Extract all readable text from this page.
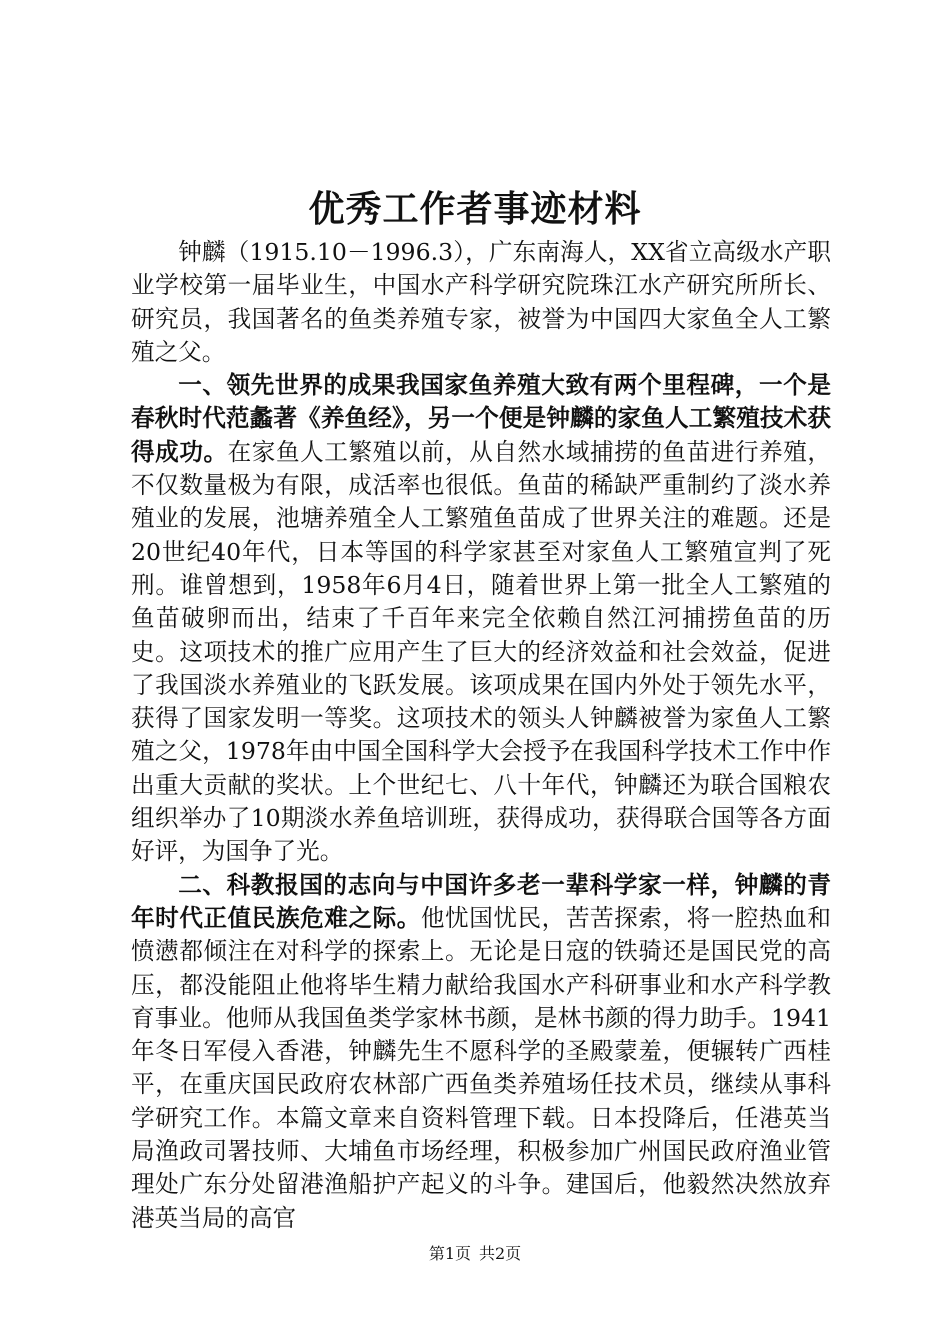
优秀工作者事迹材料

钟麟（1915.10－1996.3），广东南海人，XX省立高级水产职业学校第一届毕业生，中国水产科学研究院珠江水产研究所所长、研究员，我国著名的鱼类养殖专家，被誉为中国四大家鱼全人工繁殖之父。

一、领先世界的成果我国家鱼养殖大致有两个里程碑，一个是春秋时代范蠡著《养鱼经》，另一个便是钟麟的家鱼人工繁殖技术获得成功。在家鱼人工繁殖以前，从自然水域捕捞的鱼苗进行养殖，不仅数量极为有限，成活率也很低。鱼苗的稀缺严重制约了淡水养殖业的发展，池塘养殖全人工繁殖鱼苗成了世界关注的难题。还是20世纪40年代，日本等国的科学家甚至对家鱼人工繁殖宣判了死刑。谁曾想到，1958年6月4日，随着世界上第一批全人工繁殖的鱼苗破卵而出，结束了千百年来完全依赖自然江河捕捞鱼苗的历史。这项技术的推广应用产生了巨大的经济效益和社会效益，促进了我国淡水养殖业的飞跃发展。该项成果在国内外处于领先水平，获得了国家发明一等奖。这项技术的领头人钟麟被誉为家鱼人工繁殖之父，1978年由中国全国科学大会授予在我国科学技术工作中作出重大贡献的奖状。上个世纪七、八十年代，钟麟还为联合国粮农组织举办了10期淡水养鱼培训班，获得成功，获得联合国等各方面好评，为国争了光。

二、科教报国的志向与中国许多老一辈科学家一样，钟麟的青年时代正值民族危难之际。他忧国忧民，苦苦探索，将一腔热血和愤懑都倾注在对科学的探索上。无论是日寇的铁骑还是国民党的高压，都没能阻止他将毕生精力献给我国水产科研事业和水产科学教育事业。他师从我国鱼类学家林书颜，是林书颜的得力助手。1941年冬日军侵入香港，钟麟先生不愿科学的圣殿蒙羞，便辗转广西桂平，在重庆国民政府农林部广西鱼类养殖场任技术员，继续从事科学研究工作。本篇文章来自资料管理下载。日本投降后，任港英当局渔政司署技师、大埔鱼市场经理，积极参加广州国民政府渔业管理处广东分处留港渔船护产起义的斗争。建国后，他毅然决然放弃港英当局的高官

第1页 共2页
